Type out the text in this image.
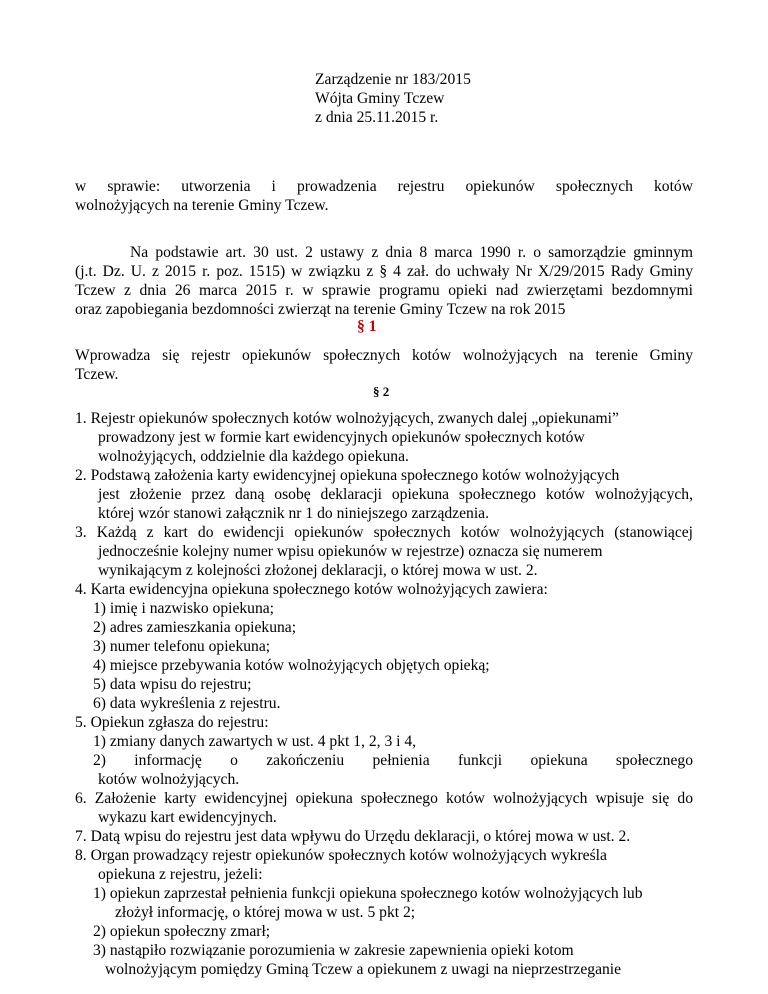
Zarządzenie nr 183/2015
Wójta Gminy Tczew
z dnia 25.11.2015 r.
w sprawie: utworzenia i prowadzenia rejestru opiekunów społecznych kotów
wolnożyjących na terenie Gminy Tczew.
Na podstawie art. 30 ust. 2 ustawy z dnia 8 marca 1990 r. o samorządzie gminnym
(j.t. Dz. U. z 2015 r. poz. 1515) w związku z § 4 zał. do uchwały Nr X/29/2015 Rady Gminy
Tczew z dnia 26 marca 2015 r. w sprawie programu opieki nad zwierzętami bezdomnymi
oraz zapobiegania bezdomności zwierząt na terenie Gminy Tczew na rok 2015
§ 1
Wprowadza się rejestr opiekunów społecznych kotów wolnożyjących na terenie Gminy
Tczew.
§ 2
1. Rejestr opiekunów społecznych kotów wolnożyjących, zwanych dalej „opiekunami”
prowadzony jest w formie kart ewidencyjnych opiekunów społecznych kotów
wolnożyjących, oddzielnie dla każdego opiekuna.
2. Podstawą założenia karty ewidencyjnej opiekuna społecznego kotów wolnożyjących
jest złożenie przez daną osobę deklaracji opiekuna społecznego kotów wolnożyjących,
której wzór stanowi załącznik nr 1 do niniejszego zarządzenia.
3. Każdą z kart do ewidencji opiekunów społecznych kotów wolnożyjących (stanowiącej
jednocześnie kolejny numer wpisu opiekunów w rejestrze) oznacza się numerem
wynikającym z kolejności złożonej deklaracji, o której mowa w ust. 2.
4. Karta ewidencyjna opiekuna społecznego kotów wolnożyjących zawiera:
1) imię i nazwisko opiekuna;
2) adres zamieszkania opiekuna;
3) numer telefonu opiekuna;
4) miejsce przebywania kotów wolnożyjących objętych opieką;
5) data wpisu do rejestru;
6) data wykreślenia z rejestru.
5. Opiekun zgłasza do rejestru:
1) zmiany danych zawartych w ust. 4 pkt 1, 2, 3 i 4,
2) informację o zakończeniu pełnienia funkcji opiekuna społecznego
kotów wolnożyjących.
6. Założenie karty ewidencyjnej opiekuna społecznego kotów wolnożyjących wpisuje się do
wykazu kart ewidencyjnych.
7. Datą wpisu do rejestru jest data wpływu do Urzędu deklaracji, o której mowa w ust. 2.
8. Organ prowadzący rejestr opiekunów społecznych kotów wolnożyjących wykreśla
opiekuna z rejestru, jeżeli:
1) opiekun zaprzestał pełnienia funkcji opiekuna społecznego kotów wolnożyjących lub
złożył informację, o której mowa w ust. 5 pkt 2;
2) opiekun społeczny zmarł;
3) nastąpiło rozwiązanie porozumienia w zakresie zapewnienia opieki kotom
wolnożyjącym pomiędzy Gminą Tczew a opiekunem z uwagi na nieprzestrzeganie
